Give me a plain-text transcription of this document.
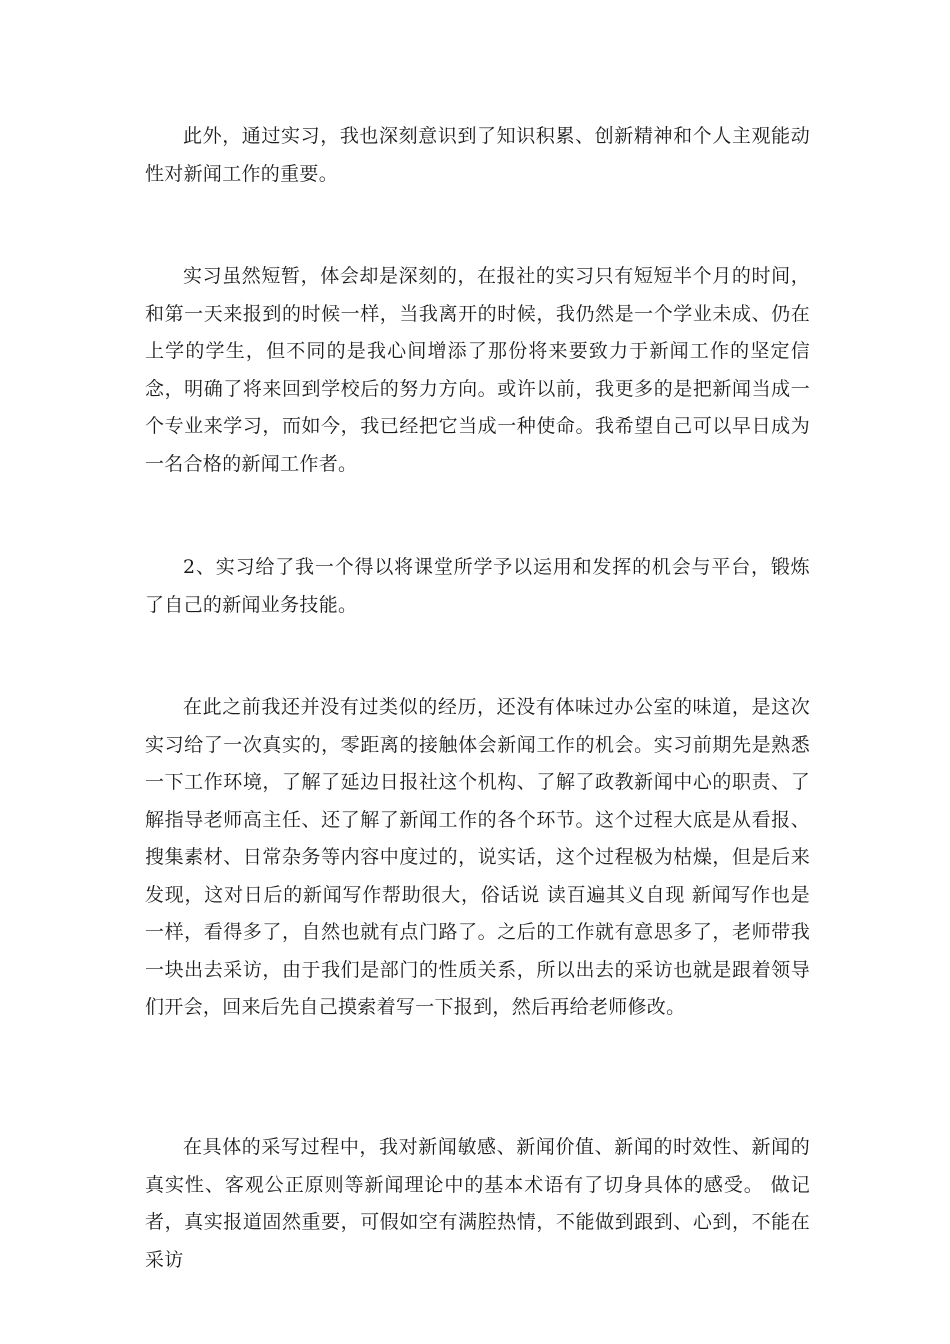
此外，通过实习，我也深刻意识到了知识积累、创新精神和个人主观能动性对新闻工作的重要。

实习虽然短暂，体会却是深刻的，在报社的实习只有短短半个月的时间，和第一天来报到的时候一样，当我离开的时候，我仍然是一个学业未成、仍在上学的学生，但不同的是我心间增添了那份将来要致力于新闻工作的坚定信念，明确了将来回到学校后的努力方向。或许以前，我更多的是把新闻当成一个专业来学习，而如今，我已经把它当成一种使命。我希望自己可以早日成为一名合格的新闻工作者。

2、实习给了我一个得以将课堂所学予以运用和发挥的机会与平台，锻炼了自己的新闻业务技能。

在此之前我还并没有过类似的经历，还没有体味过办公室的味道，是这次实习给了一次真实的，零距离的接触体会新闻工作的机会。实习前期先是熟悉一下工作环境，了解了延边日报社这个机构、了解了政教新闻中心的职责、了解指导老师高主任、还了解了新闻工作的各个环节。这个过程大底是从看报、搜集素材、日常杂务等内容中度过的，说实话，这个过程极为枯燥，但是后来发现，这对日后的新闻写作帮助很大，俗话说 读百遍其义自现 新闻写作也是一样，看得多了，自然也就有点门路了。之后的工作就有意思多了，老师带我一块出去采访，由于我们是部门的性质关系，所以出去的采访也就是跟着领导们开会，回来后先自己摸索着写一下报到，然后再给老师修改。

在具体的采写过程中，我对新闻敏感、新闻价值、新闻的时效性、新闻的真实性、客观公正原则等新闻理论中的基本术语有了切身具体的感受。 做记者，真实报道固然重要，可假如空有满腔热情，不能做到跟到、心到，不能在采访
